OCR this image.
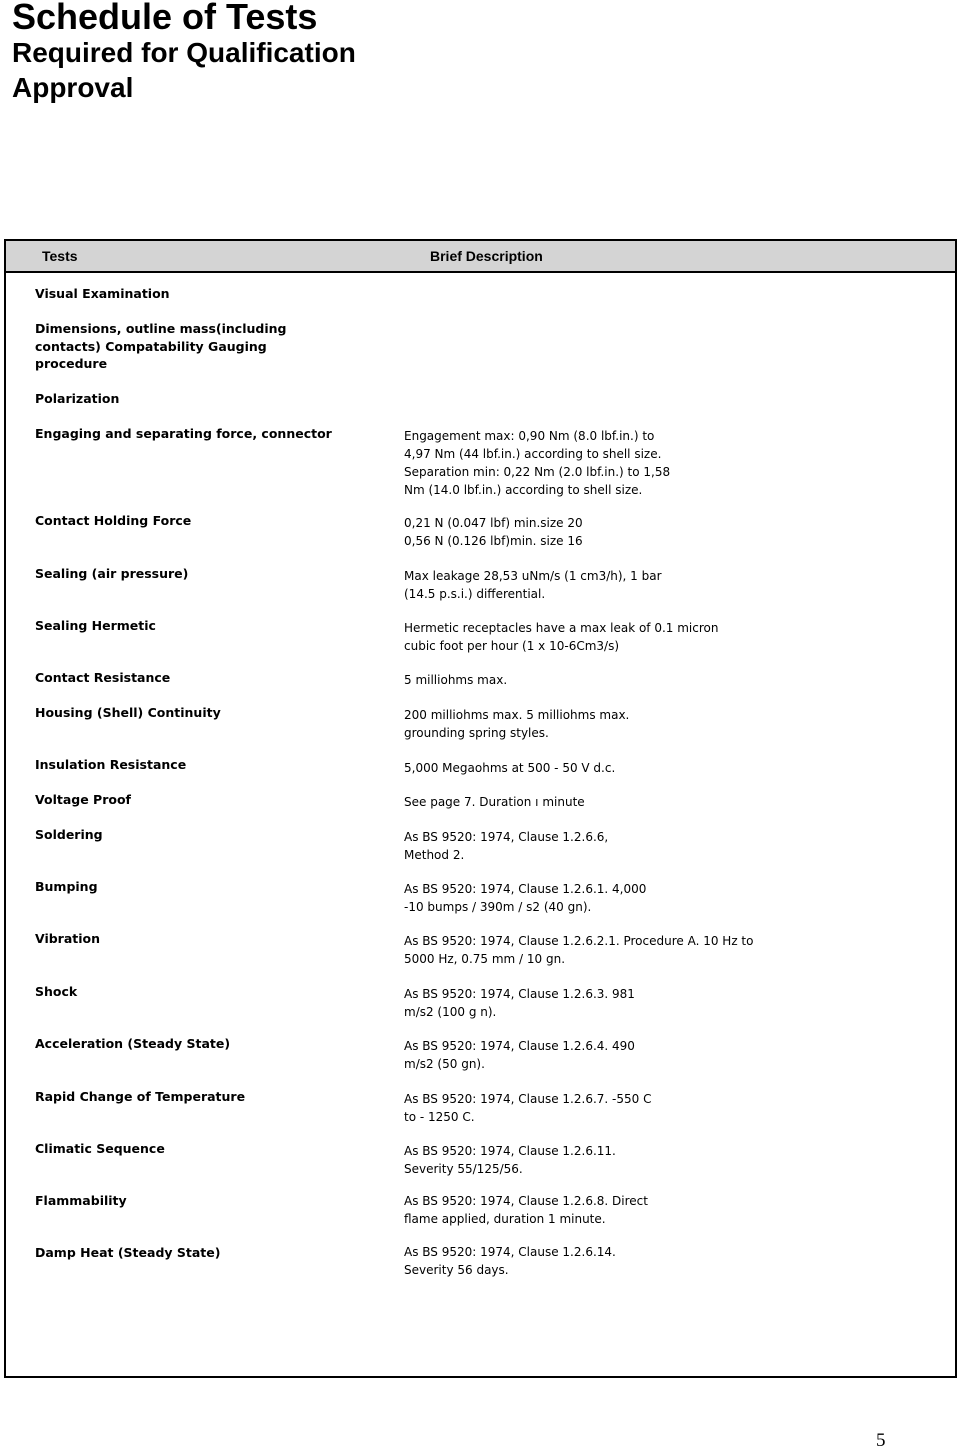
Schedule of Tests
Required for Qualification
Approval
Tests	Brief Description
5
Visual Examination
Dimensions, outline mass(including contacts) Compatability Gauging procedure
Polarization
Engaging and separating force, connector	Engagement max: 0,90 Nm (8.0 lbf.in.) to 4,97 Nm (44 lbf.in.) according to shell size. Separation min: 0,22 Nm (2.0 lbf.in.) to 1,58 Nm (14.0 lbf.in.) according to shell size.
Contact Holding Force	0,21 N (0.047 lbf) min.size 20 0,56 N (0.126 lbf)min. size 16
Sealing (air pressure)	Max leakage 28,53 uNm/s (1 cm3/h), 1 bar (14.5 p.s.i.) differential.
Sealing Hermetic	Hermetic receptacles have a max leak of 0.1 micron cubic foot per hour (1 x 10-6Cm3/s)
Contact Resistance	5 milliohms max.
Housing (Shell) Continuity	200 milliohms max. 5 milliohms max. grounding spring styles.
Insulation Resistance	5,000 Megaohms at 500 - 50 V d.c.
Voltage Proof	See page 7. Duration ı minute
Soldering	As BS 9520: 1974, Clause 1.2.6.6, Method 2.
Bumping	As BS 9520: 1974, Clause 1.2.6.1. 4,000 -10 bumps / 390m / s2 (40 gn).
Vibration	As BS 9520: 1974, Clause 1.2.6.2.1. Procedure A. 10 Hz to 5000 Hz, 0.75 mm / 10 gn.
Shock	As BS 9520: 1974, Clause 1.2.6.3. 981 m/s2 (100 g n).
Acceleration (Steady State)	As BS 9520: 1974, Clause 1.2.6.4. 490 m/s2 (50 gn).
Rapid Change of Temperature	As BS 9520: 1974, Clause 1.2.6.7. -550 C to - 1250 C.
Climatic Sequence	As BS 9520: 1974, Clause 1.2.6.11. Severity 55/125/56.
Flammability	As BS 9520: 1974, Clause 1.2.6.8. Direct flame applied, duration 1 minute.
Damp Heat (Steady State)	As BS 9520: 1974, Clause 1.2.6.14. Severity 56 days.
